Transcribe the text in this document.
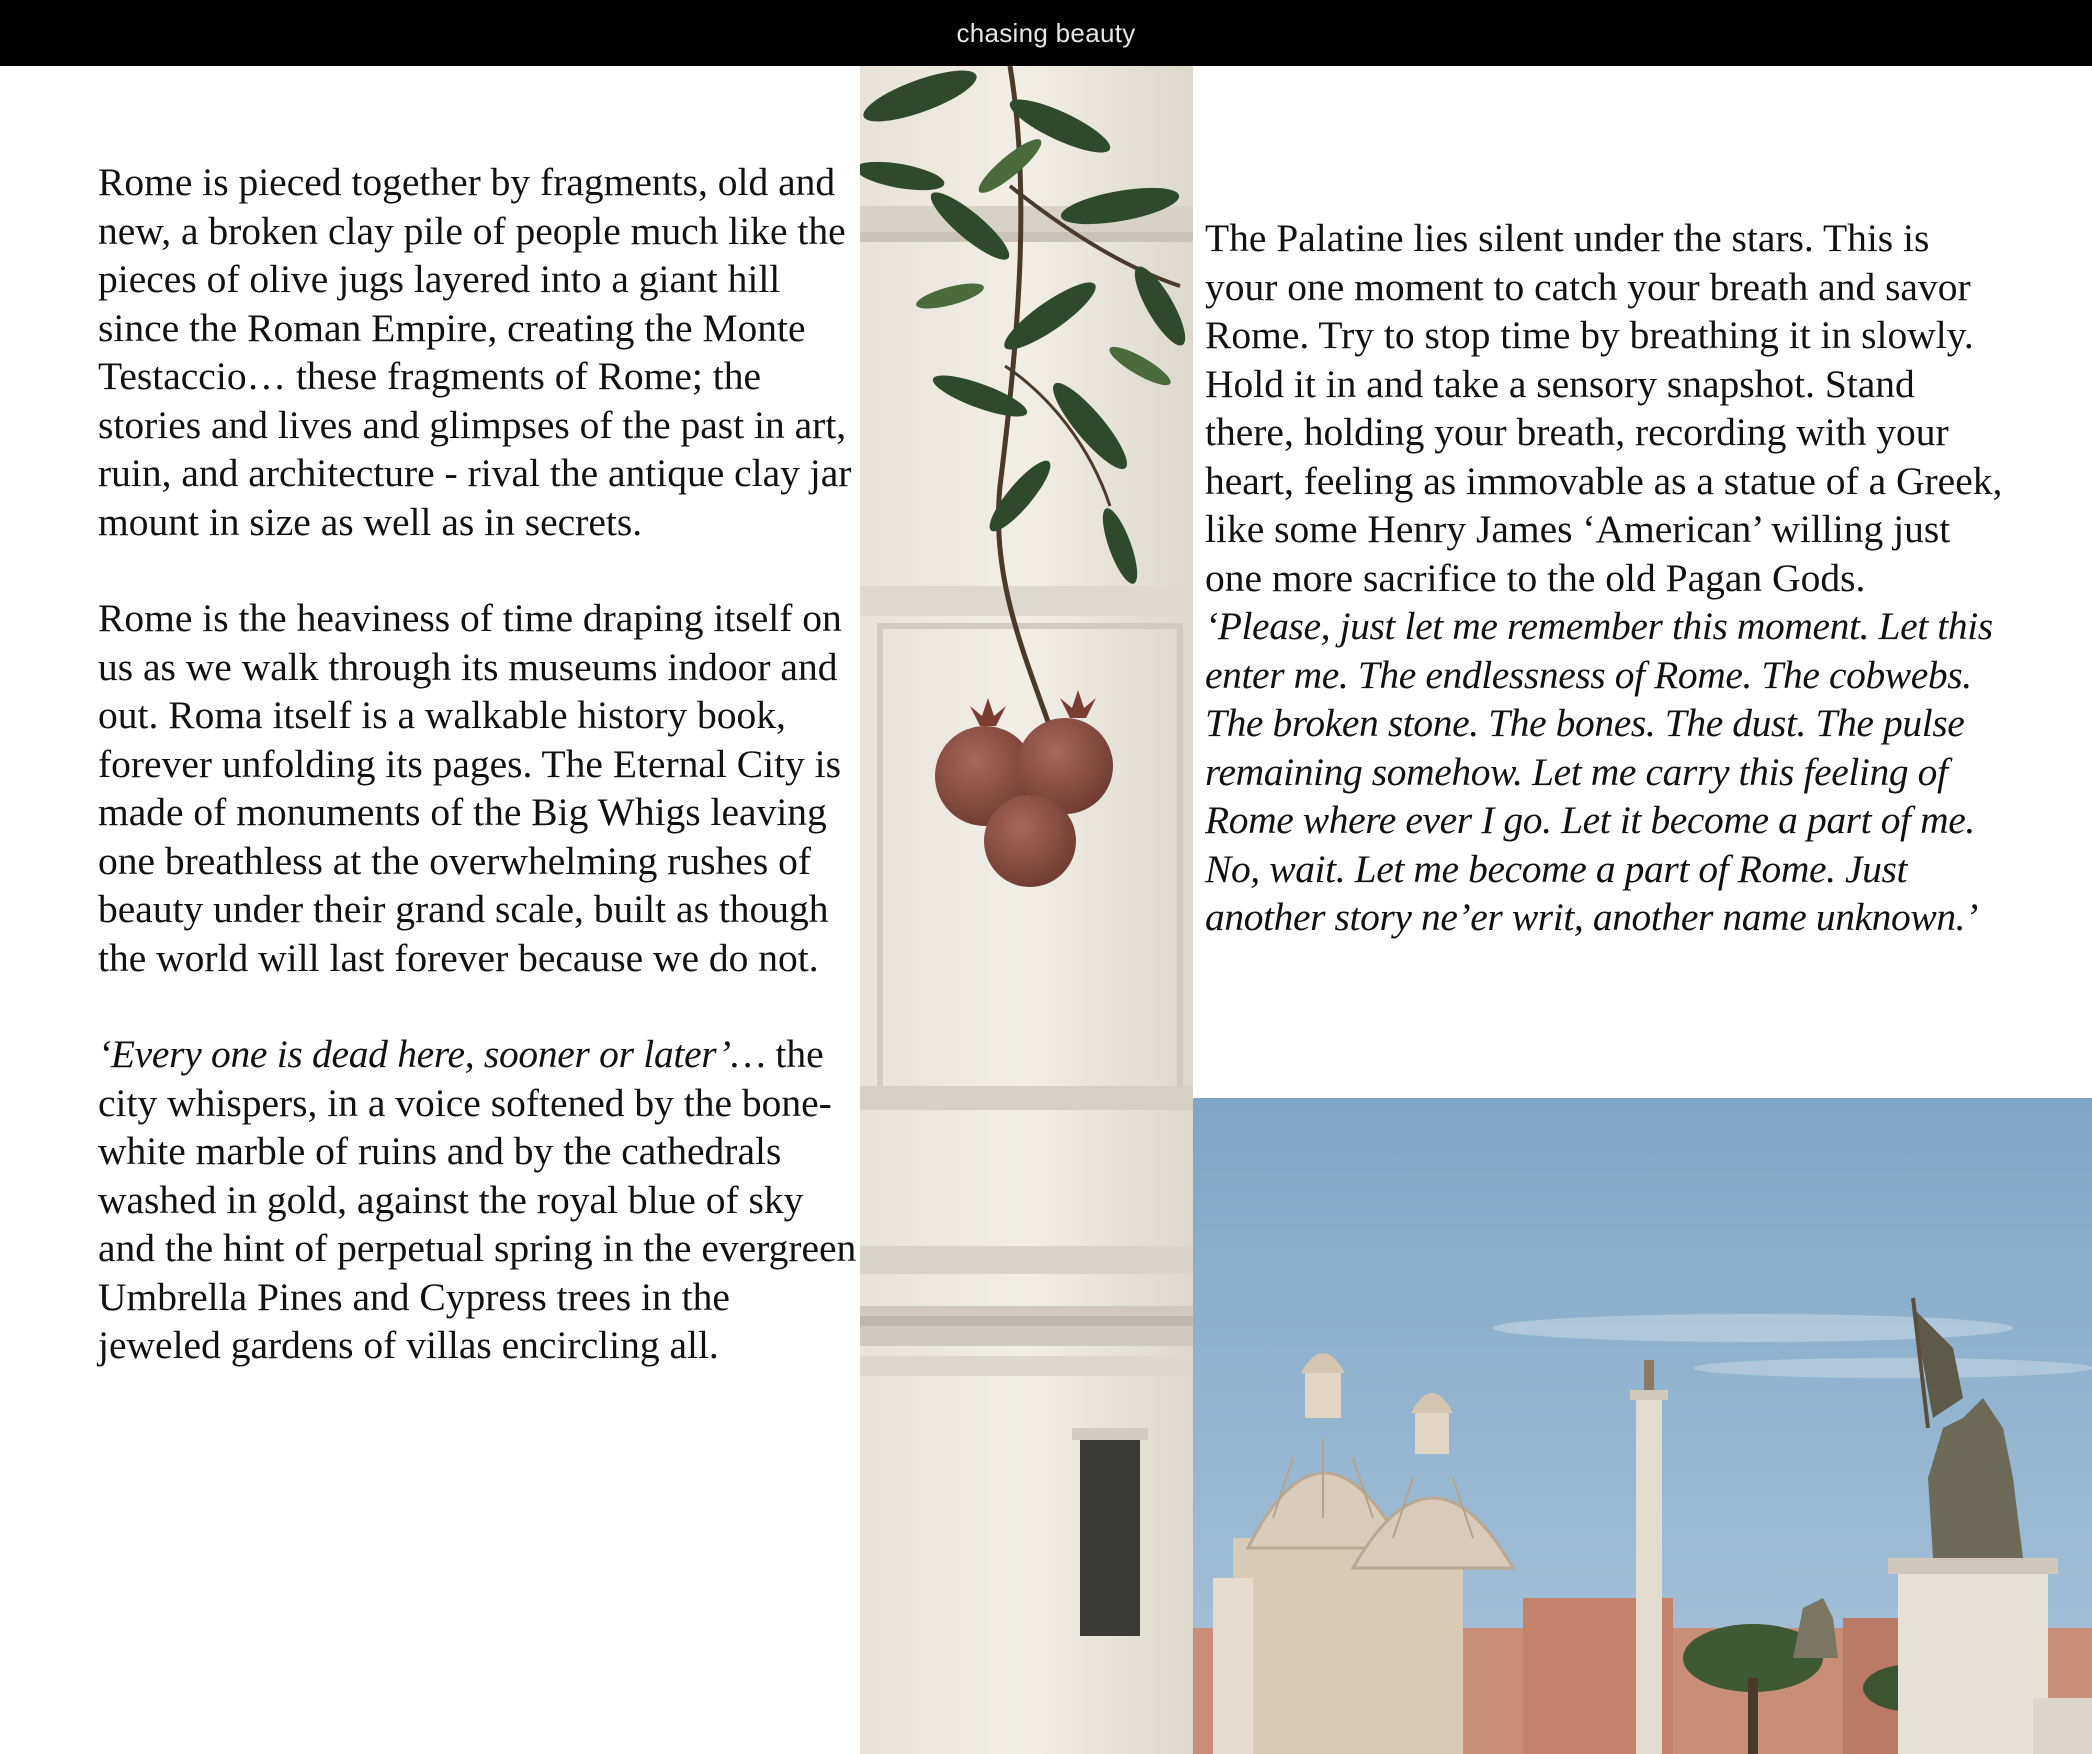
chasing beauty

Rome is pieced together by fragments, old and new, a broken clay pile of people much like the pieces of olive jugs layered into a giant hill since the Roman Empire, creating the Monte Testaccio… these fragments of Rome; the stories and lives and glimpses of the past in art, ruin, and architecture - rival the antique clay jar mount in size as well as in secrets.

Rome is the heaviness of time draping itself on us as we walk through its museums indoor and out. Roma itself is a walkable history book, forever unfolding its pages. The Eternal City is made of monuments of the Big Whigs leaving one breathless at the overwhelming rushes of beauty under their grand scale, built as though the world will last forever because we do not.

‘Every one is dead here, sooner or later’… the city whispers, in a voice softened by the bone-white marble of ruins and by the cathedrals washed in gold, against the royal blue of sky and the hint of perpetual spring in the evergreen Umbrella Pines and Cypress trees in the jeweled gardens of villas encircling all.

The Palatine lies silent under the stars. This is your one moment to catch your breath and savor Rome. Try to stop time by breathing it in slowly. Hold it in and take a sensory snapshot. Stand there, holding your breath, recording with your heart, feeling as immovable as a statue of a Greek, like some Henry James ‘American’ willing just one more sacrifice to the old Pagan Gods.

‘Please, just let me remember this moment. Let this enter me. The endlessness of Rome. The cobwebs. The broken stone. The bones. The dust. The pulse remaining somehow. Let me carry this feeling of Rome where ever I go. Let it become a part of me. No, wait. Let me become a part of Rome. Just another story ne’er writ, another name unknown.’
